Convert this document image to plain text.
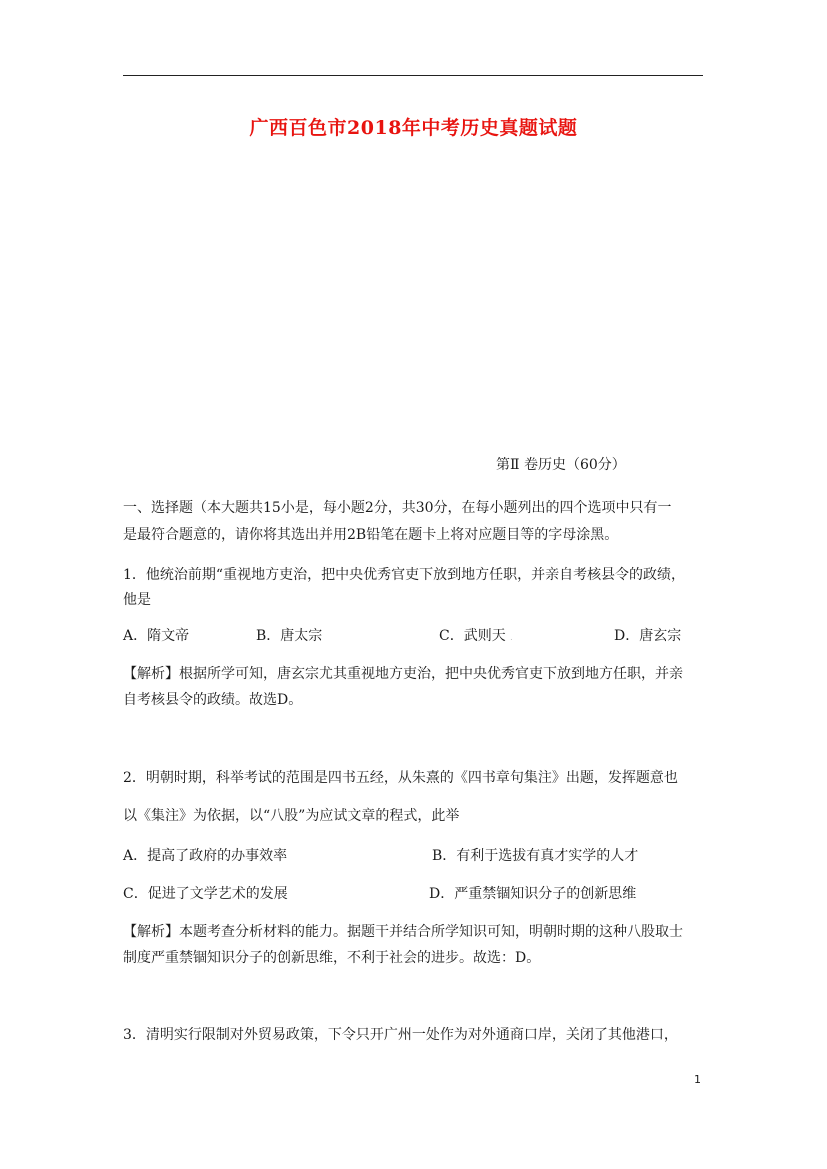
广西百色市2018年中考历史真题试题
第Ⅱ 卷历史（60分）
一、选择题（本大题共15小是，每小题2分，共30分，在每小题列出的四个选项中只有一
是最符合题意的，请你将其选出并用2B铅笔在题卡上将对应题目等的字母涂黑。
1．他统治前期“重视地方吏治，把中央优秀官吏下放到地方任职，并亲自考核县令的政绩，
他是
A．隋文帝	B．唐太宗	C．武则天 .	D．唐玄宗
【解析】根据所学可知，唐玄宗尤其重视地方吏治，把中央优秀官吏下放到地方任职，并亲
自考核县令的政绩。故选D。
2．明朝时期，科举考试的范围是四书五经，从朱熹的《四书章句集注》出题，发挥题意也
以《集注》为依据，以“八股”为应试文章的程式，此举
A．提高了政府的办事效率	B．有利于选拔有真才实学的人才
C．促进了文学艺术的发展	D．严重禁锢知识分子的创新思维
【解析】本题考查分析材料的能力。据题干并结合所学知识可知，明朝时期的这种八股取士
制度严重禁锢知识分子的创新思维，不利于社会的进步。故选：D。
3．清明实行限制对外贸易政策，下令只开广州一处作为对外通商口岸，关闭了其他港口，
1
